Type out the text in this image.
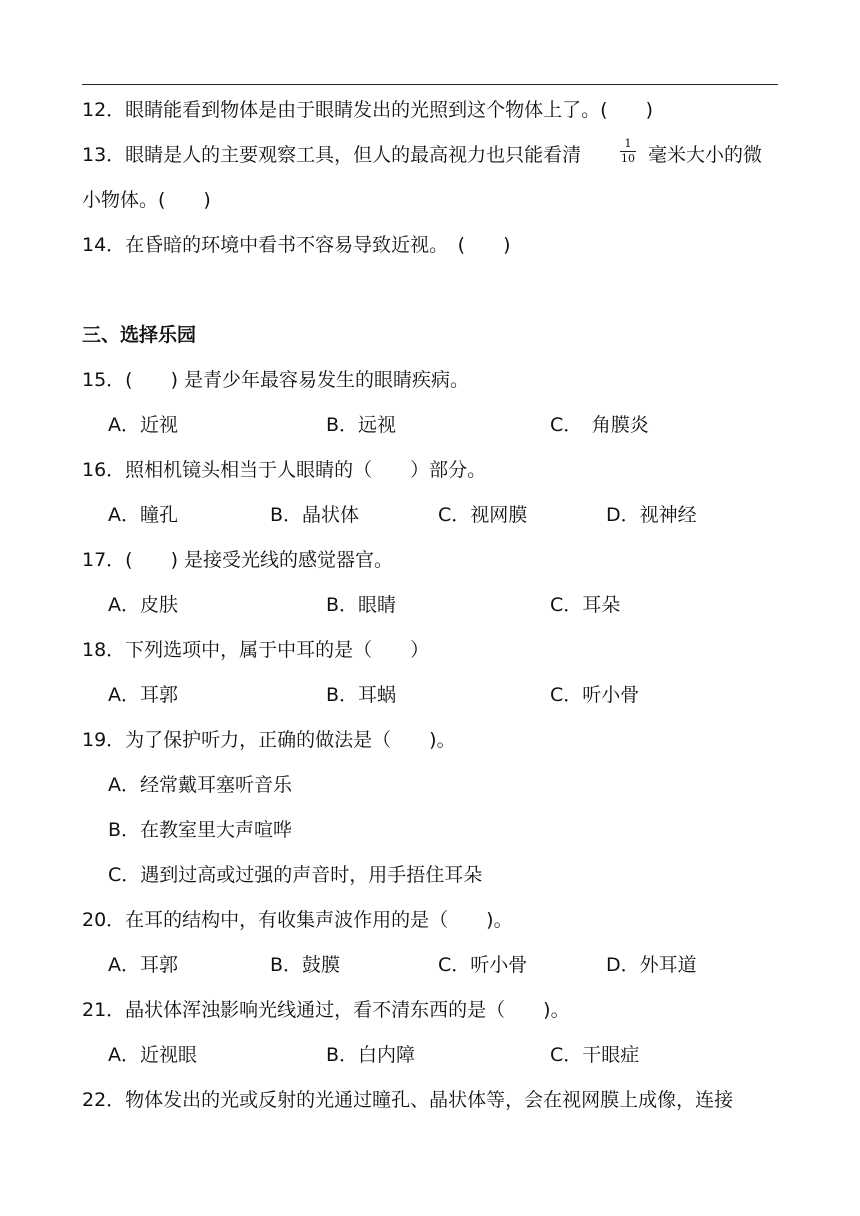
12．眼睛能看到物体是由于眼睛发出的光照到这个物体上了。(　　)
13．眼睛是人的主要观察工具，但人的最高视力也只能看清
1
10 毫米大小的微
小物体。(　　)
14．在昏暗的环境中看书不容易导致近视。　(　　)
三、选择乐园
15．(　　) 是青少年最容易发生的眼睛疾病。
A．近视	B．远视	C．　角膜炎
16．照相机镜头相当于人眼睛的（　　）部分。
A．瞳孔	B．晶状体	C．视网膜	D．视神经
17．(　　) 是接受光线的感觉器官。
A．皮肤	B．眼睛	C．耳朵
18．下列选项中，属于中耳的是（　　）
A．耳郭	B．耳蜗	C．听小骨
19．为了保护听力，正确的做法是（　　)。
A．经常戴耳塞听音乐
B．在教室里大声喧哗
C．遇到过高或过强的声音时，用手捂住耳朵
20．在耳的结构中，有收集声波作用的是（　　)。
A．耳郭	B．鼓膜	C．听小骨	D．外耳道
21．晶状体浑浊影响光线通过，看不清东西的是（　　)。
A．近视眼	B．白内障	C．干眼症
22．物体发出的光或反射的光通过瞳孔、晶状体等，会在视网膜上成像，连接
